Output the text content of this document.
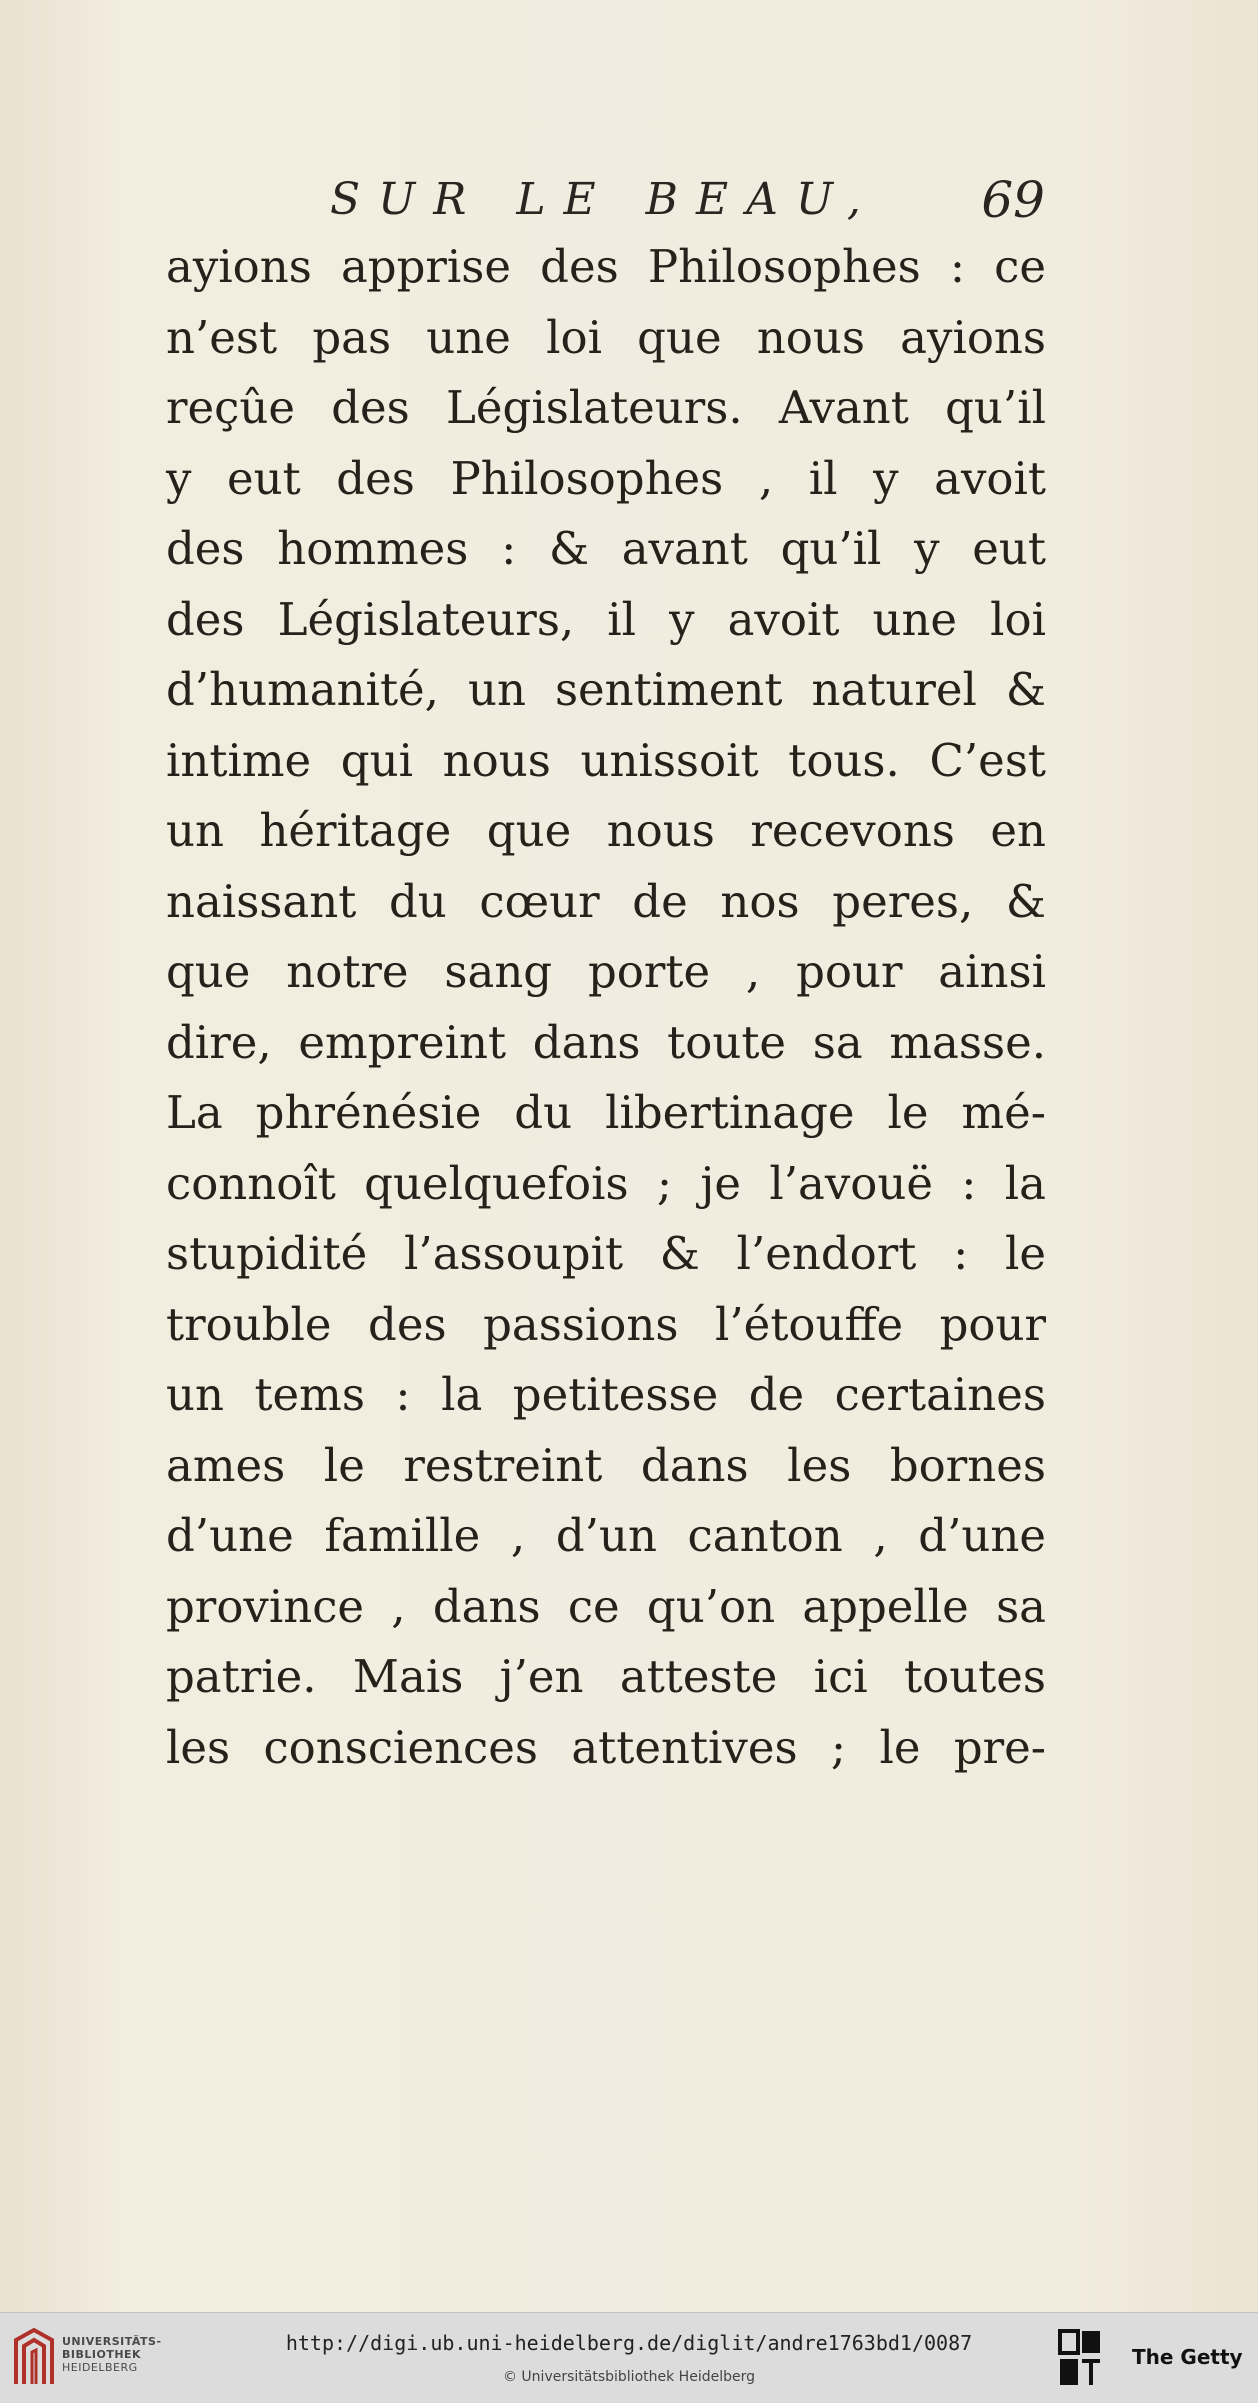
SUR LE BEAU, 69
ayions apprise des Philosophes : ce
n’est pas une loi que nous ayions
reçûe des Législateurs. Avant qu’il
y eut des Philosophes , il y avoit
des hommes : & avant qu’il y eut
des Législateurs, il y avoit une loi
d’humanité, un sentiment naturel &
intime qui nous unissoit tous. C’est
un héritage que nous recevons en
naissant du cœur de nos peres, &
que notre sang porte , pour ainsi
dire, empreint dans toute sa masse.
La phrénésie du libertinage le mé-
connoît quelquefois ; je l’avouë : la
stupidité l’assoupit & l’endort : le
trouble des passions l’étouffe pour
un tems : la petitesse de certaines
ames le restreint dans les bornes
d’une famille , d’un canton , d’une
province , dans ce qu’on appelle sa
patrie. Mais j’en atteste ici toutes
les consciences attentives ; le pre-
UNIVERSITÄTS-
BIBLIOTHEK
HEIDELBERG
http://digi.ub.uni-heidelberg.de/diglit/andre1763bd1/0087
© Universitätsbibliothek Heidelberg
The Getty
